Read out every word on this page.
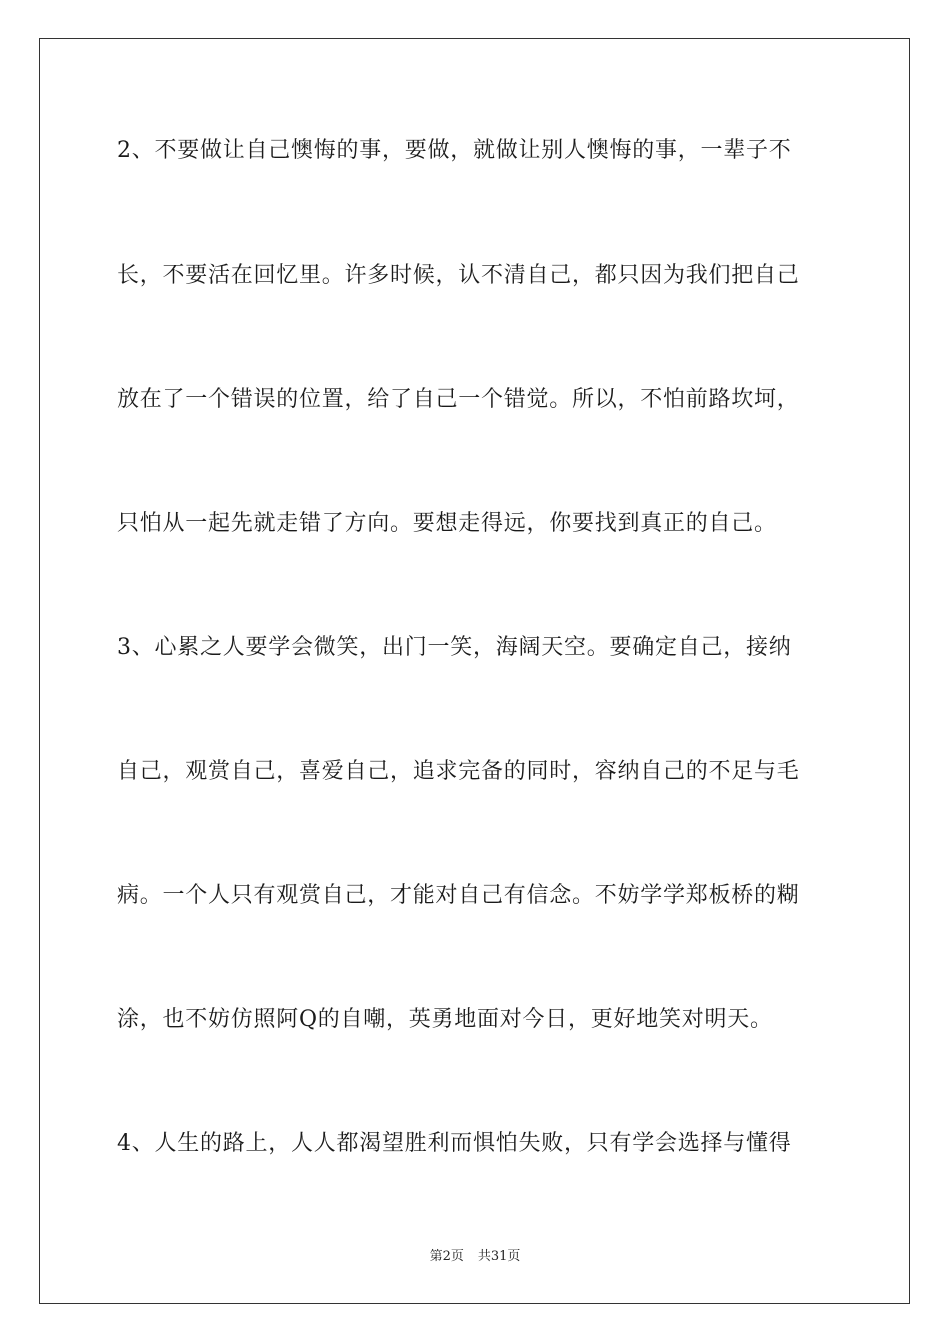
2、不要做让自己懊悔的事，要做，就做让别人懊悔的事，一辈子不
长，不要活在回忆里。许多时候，认不清自己，都只因为我们把自己
放在了一个错误的位置，给了自己一个错觉。所以，不怕前路坎坷，
只怕从一起先就走错了方向。要想走得远，你要找到真正的自己。
3、心累之人要学会微笑，出门一笑，海阔天空。要确定自己，接纳
自己，观赏自己，喜爱自己，追求完备的同时，容纳自己的不足与毛
病。一个人只有观赏自己，才能对自己有信念。不妨学学郑板桥的糊
涂，也不妨仿照阿Q的自嘲，英勇地面对今日，更好地笑对明天。
4、人生的路上，人人都渴望胜利而惧怕失败，只有学会选择与懂得
第2页 共31页
